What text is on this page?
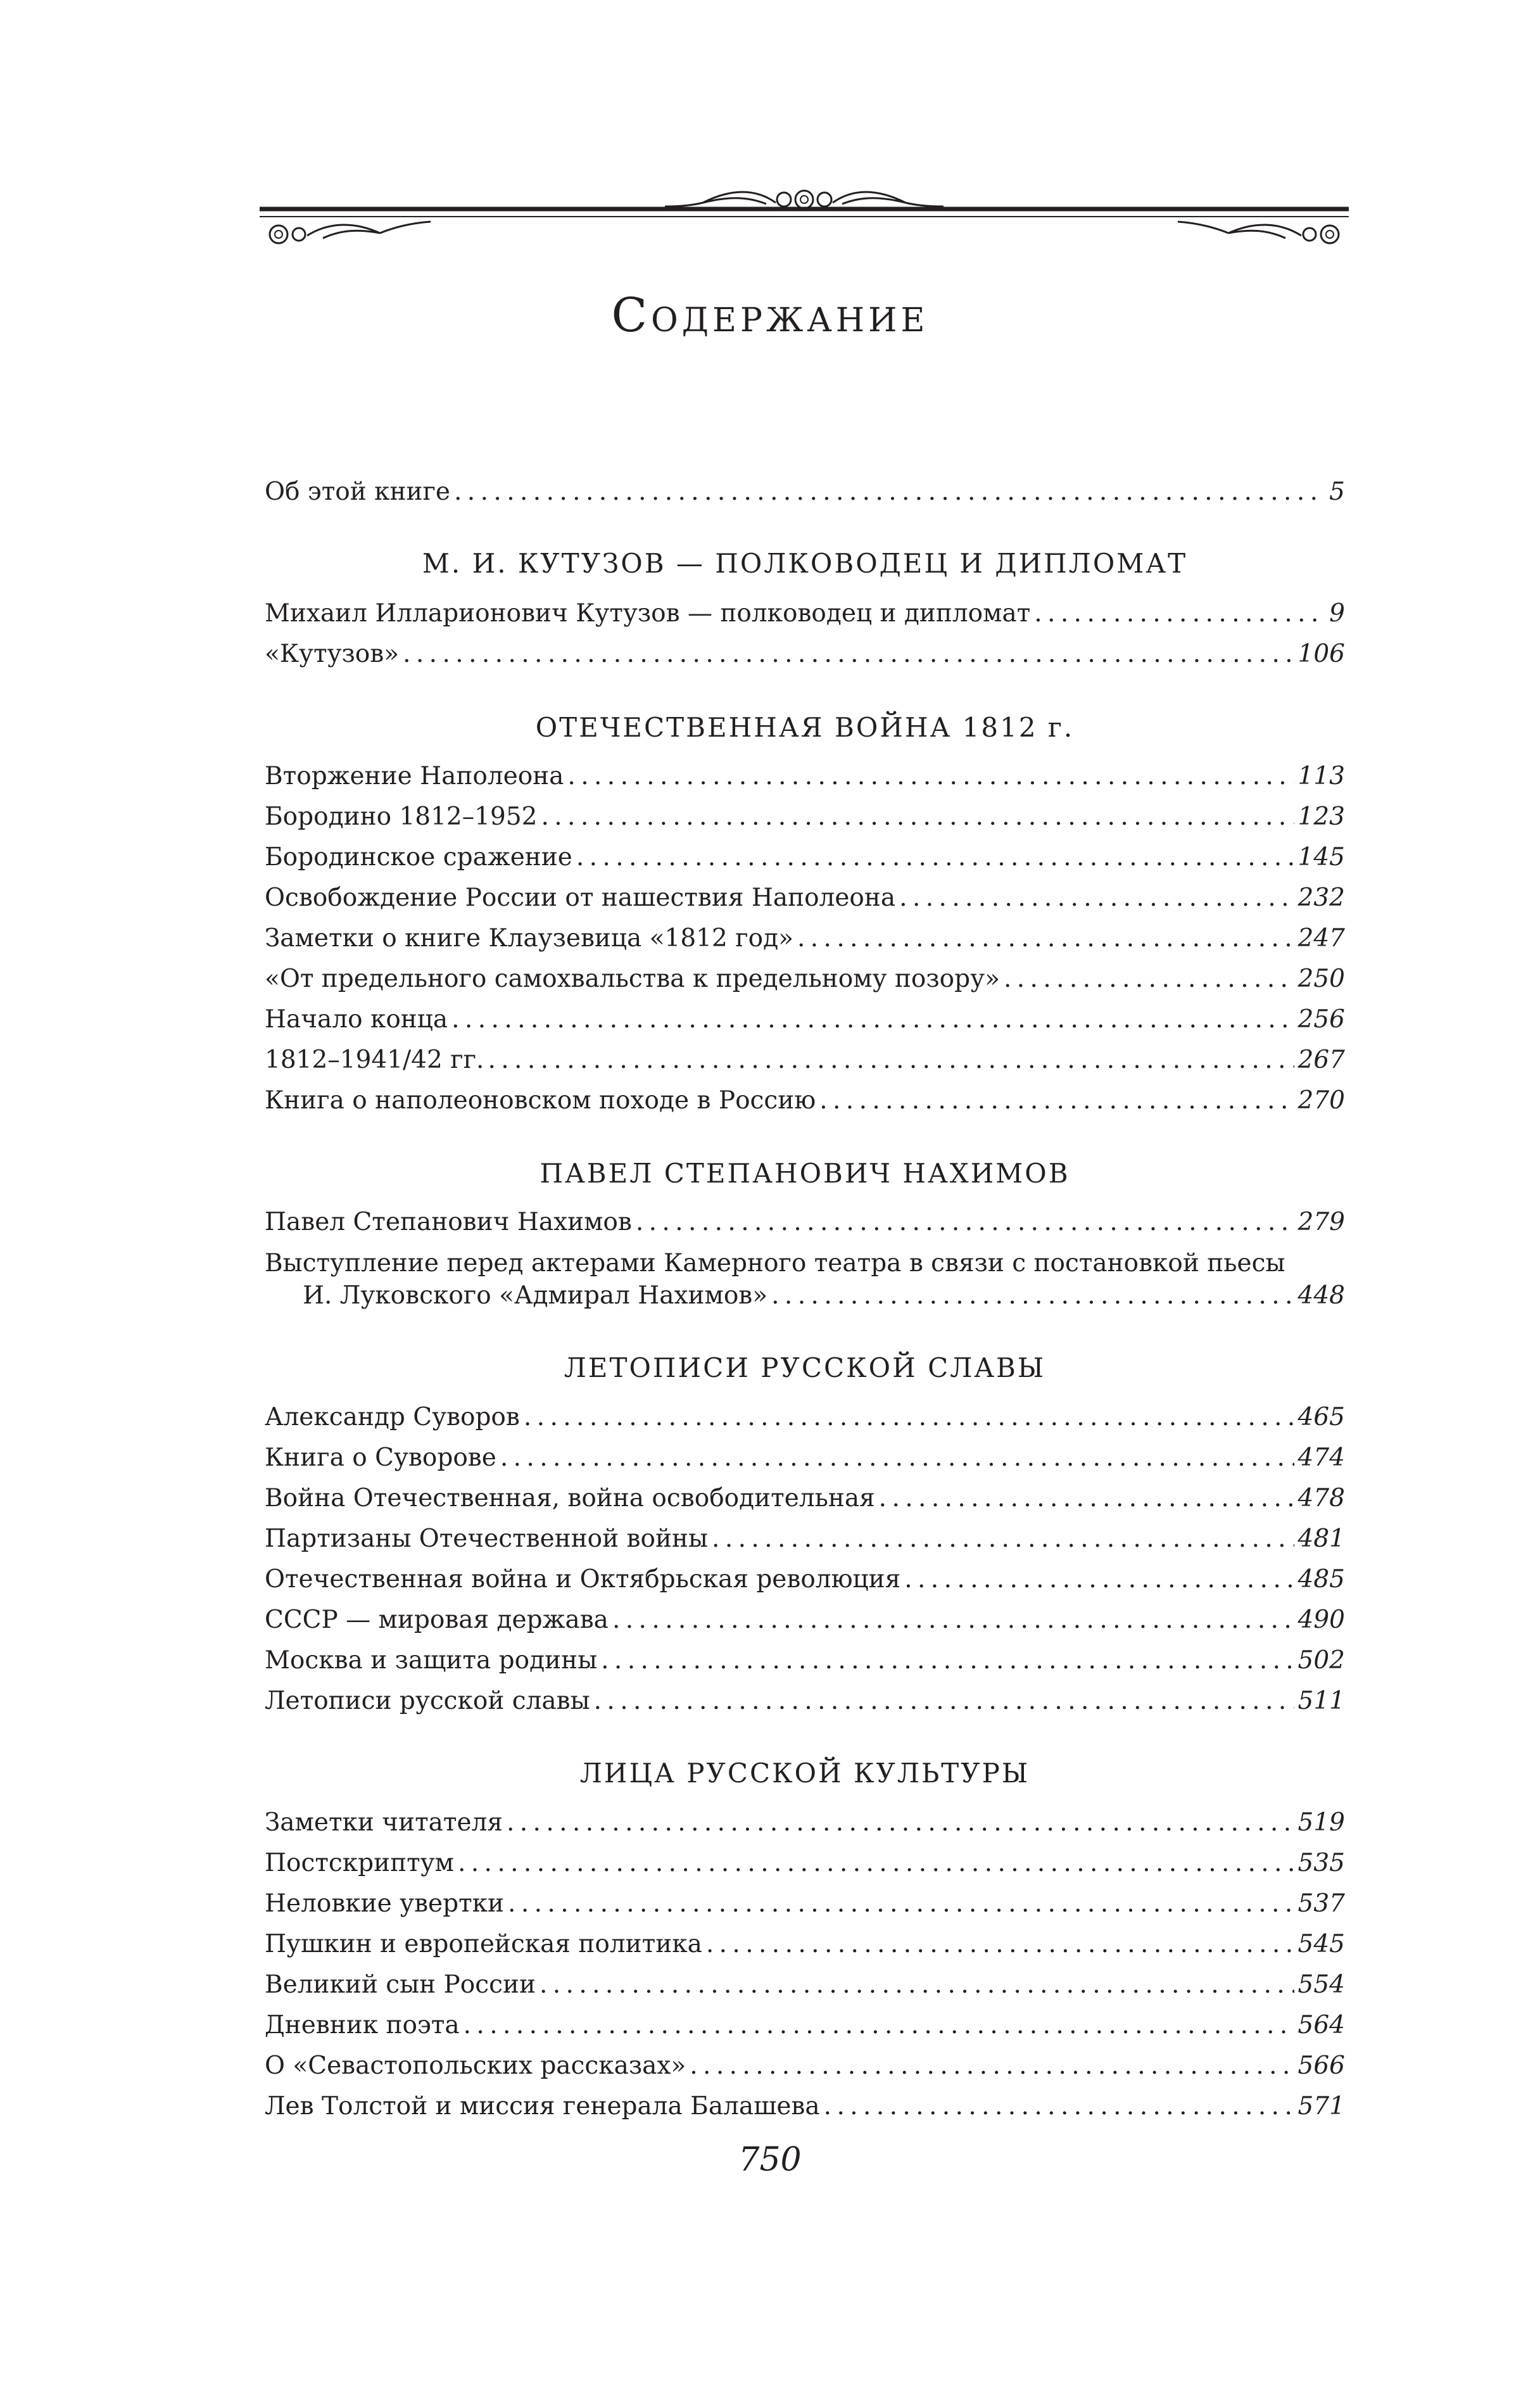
Содержание
Об этой книге . . .	5
М. И. КУТУЗОВ — ПОЛКОВОДЕЦ И ДИПЛОМАТ
Михаил Илларионович Кутузов — полководец и дипломат . . .	9
«Кутузов» . . .	106
ОТЕЧЕСТВЕННАЯ ВОЙНА 1812 г.
Вторжение Наполеона . . .	113
Бородино 1812–1952 . . .	123
Бородинское сражение . . .	145
Освобождение России от нашествия Наполеона . . .	232
Заметки о книге Клаузевица «1812 год» . . .	247
«От предельного самохвальства к предельному позору» . . .	250
Начало конца . . .	256
1812–1941/42 гг. . . .	267
Книга о наполеоновском походе в Россию . . .	270
ПАВЕЛ СТЕПАНОВИЧ НАХИМОВ
Павел Степанович Нахимов . . .	279
Выступление перед актерами Камерного театра в связи с постановкой пьесы
И. Луковского «Адмирал Нахимов» . . .	448
ЛЕТОПИСИ РУССКОЙ СЛАВЫ
Александр Суворов . . .	465
Книга о Суворове . . .	474
Война Отечественная, война освободительная . . .	478
Партизаны Отечественной войны . . .	481
Отечественная война и Октябрьская революция . . .	485
СССР — мировая держава . . .	490
Москва и защита родины . . .	502
Летописи русской славы . . .	511
ЛИЦА РУССКОЙ КУЛЬТУРЫ
Заметки читателя . . .	519
Постскриптум . . .	535
Неловкие увертки . . .	537
Пушкин и европейская политика . . .	545
Великий сын России . . .	554
Дневник поэта . . .	564
О «Севастопольских рассказах» . . .	566
Лев Толстой и миссия генерала Балашева . . .	571
750
